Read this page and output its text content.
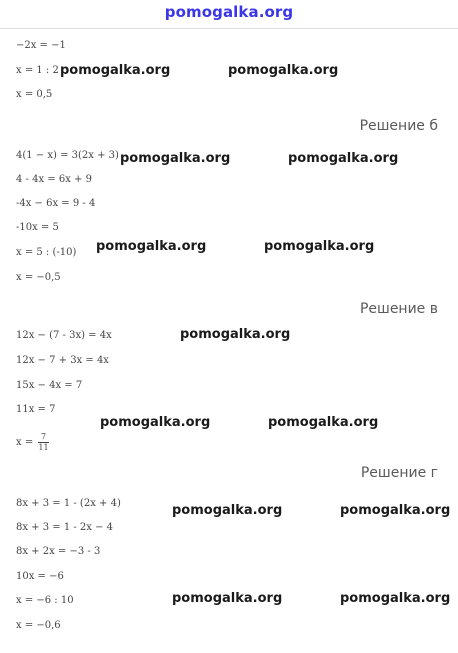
pomogalka.org
−2x = −1
x = 1 : 2
x = 0,5
pomogalka.org	pomogalka.org
Решение б
4(1 − x) = 3(2x + 3)
4 - 4x = 6x + 9
-4x − 6x = 9 - 4
-10x = 5
x = 5 : (-10)
x = −0,5
pomogalka.org	pomogalka.org
pomogalka.org	pomogalka.org
Решение в
12x − (7 - 3x) = 4x
12x − 7 + 3x = 4x
15x − 4x = 7
11x = 7
$x = \frac{7}{11}$
pomogalka.org
pomogalka.org	pomogalka.org
Решение г
8x + 3 = 1 - (2x + 4)
8x + 3 = 1 - 2x − 4
8x + 2x = −3 - 3
10x = −6
x = −6 : 10
x = −0,6
pomogalka.org	pomogalka.org
pomogalka.org	pomogalka.org
